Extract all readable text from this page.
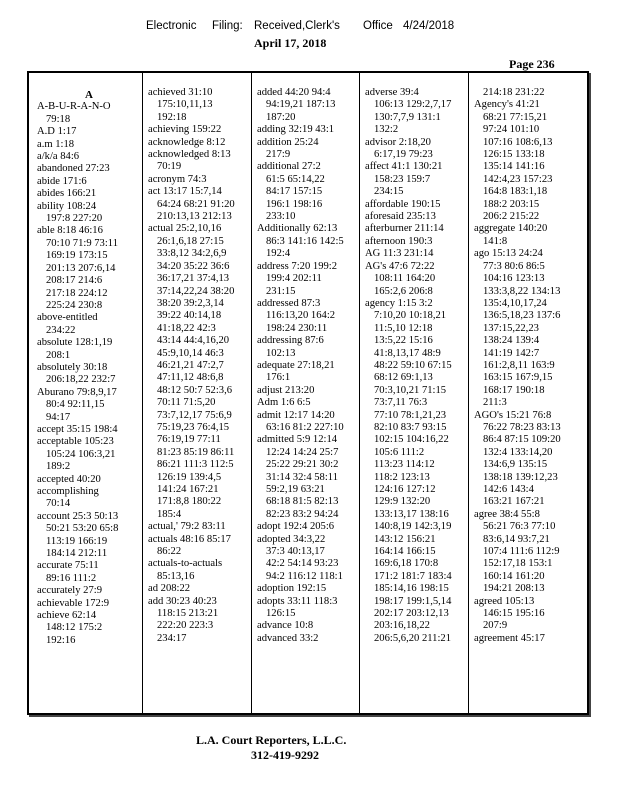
Electronic Filing: Received,Clerk's Office 4/24/2018
April 17, 2018
Page 236
A
A-B-U-R-A-N-O
79:18
A.D 1:17
a.m 1:18
a/k/a 84:6
abandoned 27:23
abide 171:6
abides 166:21
ability 108:24
197:8 227:20
able 8:18 46:16
70:10 71:9 73:11
169:19 173:15
201:13 207:6,14
208:17 214:6
217:18 224:12
225:24 230:8
above-entitled
234:22
absolute 128:1,19
208:1
absolutely 30:18
206:18,22 232:7
Aburano 79:8,9,17
80:4 92:11,15
94:17
accept 35:15 198:4
acceptable 105:23
105:24 106:3,21
189:2
accepted 40:20
accomplishing
70:14
account 25:3 50:13
50:21 53:20 65:8
113:19 166:19
184:14 212:11
accurate 75:11
89:16 111:2
accurately 27:9
achievable 172:9
achieve 62:14
148:12 175:2
192:16
achieved 31:10
175:10,11,13
192:18
achieving 159:22
acknowledge 8:12
acknowledged 8:13
70:19
acronym 74:3
act 13:17 15:7,14
64:24 68:21 91:20
210:13,13 212:13
actual 25:2,10,16
26:1,6,18 27:15
33:8,12 34:2,6,9
34:20 35:22 36:6
36:17,21 37:4,13
37:14,22,24 38:20
38:20 39:2,3,14
39:22 40:14,18
41:18,22 42:3
43:14 44:4,16,20
45:9,10,14 46:3
46:21,21 47:2,7
47:11,12 48:6,8
48:12 50:7 52:3,6
70:11 71:5,20
73:7,12,17 75:6,9
75:19,23 76:4,15
76:19,19 77:11
81:23 85:19 86:11
86:21 111:3 112:5
126:19 139:4,5
141:24 167:21
171:8,8 180:22
185:4
actual,' 79:2 83:11
actuals 48:16 85:17
86:22
actuals-to-actuals
85:13,16
ad 208:22
add 30:23 40:23
118:15 213:21
222:20 223:3
234:17
added 44:20 94:4
94:19,21 187:13
187:20
adding 32:19 43:1
addition 25:24
217:9
additional 27:2
61:5 65:14,22
84:17 157:15
196:1 198:16
233:10
Additionally 62:13
86:3 141:16 142:5
192:4
address 7:20 199:2
199:4 202:11
231:15
addressed 87:3
116:13,20 164:2
198:24 230:11
addressing 87:6
102:13
adequate 27:18,21
176:1
adjust 213:20
Adm 1:6 6:5
admit 12:17 14:20
63:16 81:2 227:10
admitted 5:9 12:14
12:24 14:24 25:7
25:22 29:21 30:2
31:14 32:4 58:11
59:2,19 63:21
68:18 81:5 82:13
82:23 83:2 94:24
adopt 192:4 205:6
adopted 34:3,22
37:3 40:13,17
42:2 54:14 93:23
94:2 116:12 118:1
adoption 192:15
adopts 33:11 118:3
126:15
advance 10:8
advanced 33:2
adverse 39:4
106:13 129:2,7,17
130:7,7,9 131:1
132:2
advisor 2:18,20
6:17,19 79:23
affect 41:1 130:21
158:23 159:7
234:15
affordable 190:15
aforesaid 235:13
afterburner 211:14
afternoon 190:3
AG 11:3 231:14
AG's 47:6 72:22
108:11 164:20
165:2,6 206:8
agency 1:15 3:2
7:10,20 10:18,21
11:5,10 12:18
13:5,22 15:16
41:8,13,17 48:9
48:22 59:10 67:15
68:12 69:1,13
70:3,10,21 71:15
73:7,11 76:3
77:10 78:1,21,23
82:10 83:7 93:15
102:15 104:16,22
105:6 111:2
113:23 114:12
118:2 123:13
124:16 127:12
129:9 132:20
133:13,17 138:16
140:8,19 142:3,19
143:12 156:21
164:14 166:15
169:6,18 170:8
171:2 181:7 183:4
185:14,16 198:15
198:17 199:1,5,14
202:17 203:12,13
203:16,18,22
206:5,6,20 211:21
214:18 231:22
Agency's 41:21
68:21 77:15,21
97:24 101:10
107:16 108:6,13
126:15 133:18
135:14 141:16
142:4,23 157:23
164:8 183:1,18
188:2 203:15
206:2 215:22
aggregate 140:20
141:8
ago 15:13 24:24
77:3 80:6 86:5
104:16 123:13
133:3,8,22 134:13
135:4,10,17,24
136:5,18,23 137:6
137:15,22,23
138:24 139:4
141:19 142:7
161:2,8,11 163:9
163:15 167:9,15
168:17 190:18
211:3
AGO's 15:21 76:8
76:22 78:23 83:13
86:4 87:15 109:20
132:4 133:14,20
134:6,9 135:15
138:18 139:12,23
142:6 143:4
163:21 167:21
agree 38:4 55:8
56:21 76:3 77:10
83:6,14 93:7,21
107:4 111:6 112:9
152:17,18 153:1
160:14 161:20
194:21 208:13
agreed 105:13
146:15 195:16
207:9
agreement 45:17
L.A. Court Reporters, L.L.C.
312-419-9292
